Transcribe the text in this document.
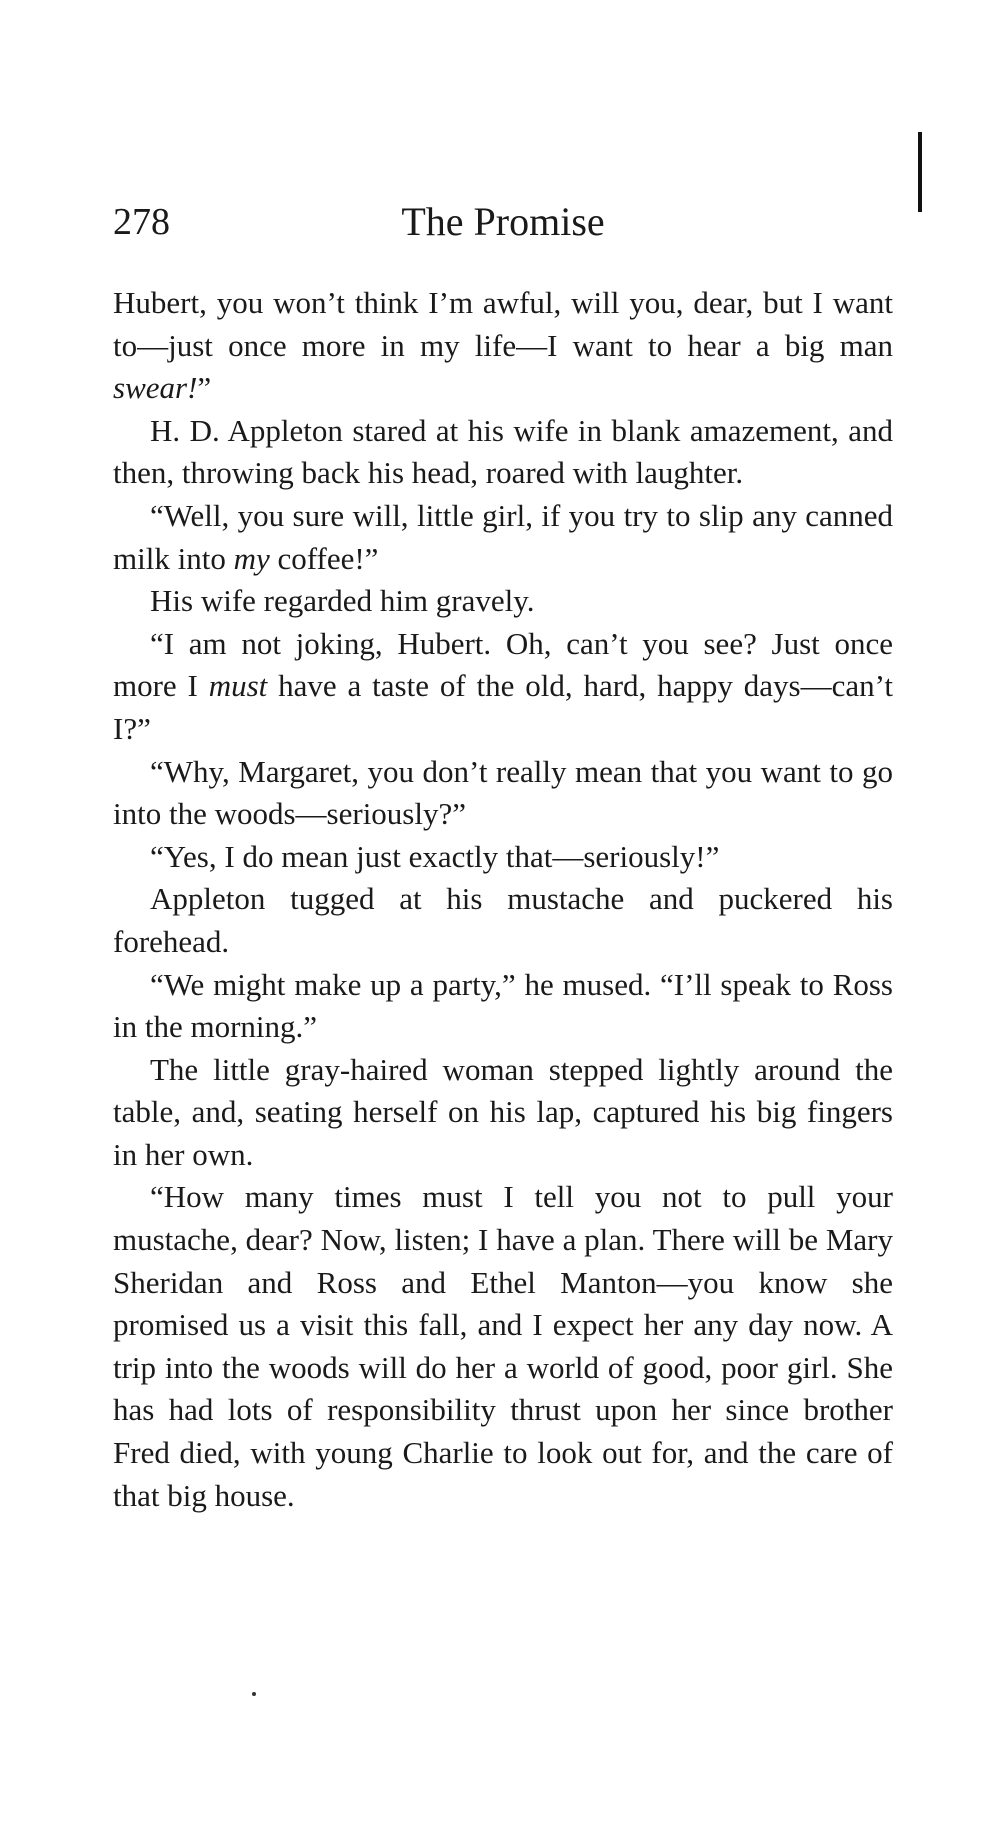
278	The Promise

Hubert, you won’t think I’m awful, will you, dear, but I want to—just once more in my life—I want to hear a big man swear!”

H. D. Appleton stared at his wife in blank amazement, and then, throwing back his head, roared with laughter.

“Well, you sure will, little girl, if you try to slip any canned milk into my coffee!”

His wife regarded him gravely.

“I am not joking, Hubert. Oh, can’t you see? Just once more I must have a taste of the old, hard, happy days—can’t I?”

“Why, Margaret, you don’t really mean that you want to go into the woods—seriously?”

“Yes, I do mean just exactly that—seriously!”

Appleton tugged at his mustache and puckered his forehead.

“We might make up a party,” he mused. “I’ll speak to Ross in the morning.”

The little gray-haired woman stepped lightly around the table, and, seating herself on his lap, captured his big fingers in her own.

“How many times must I tell you not to pull your mustache, dear? Now, listen; I have a plan. There will be Mary Sheridan and Ross and Ethel Manton—you know she promised us a visit this fall, and I expect her any day now. A trip into the woods will do her a world of good, poor girl. She has had lots of responsibility thrust upon her since brother Fred died, with young Charlie to look out for, and the care of that big house.
